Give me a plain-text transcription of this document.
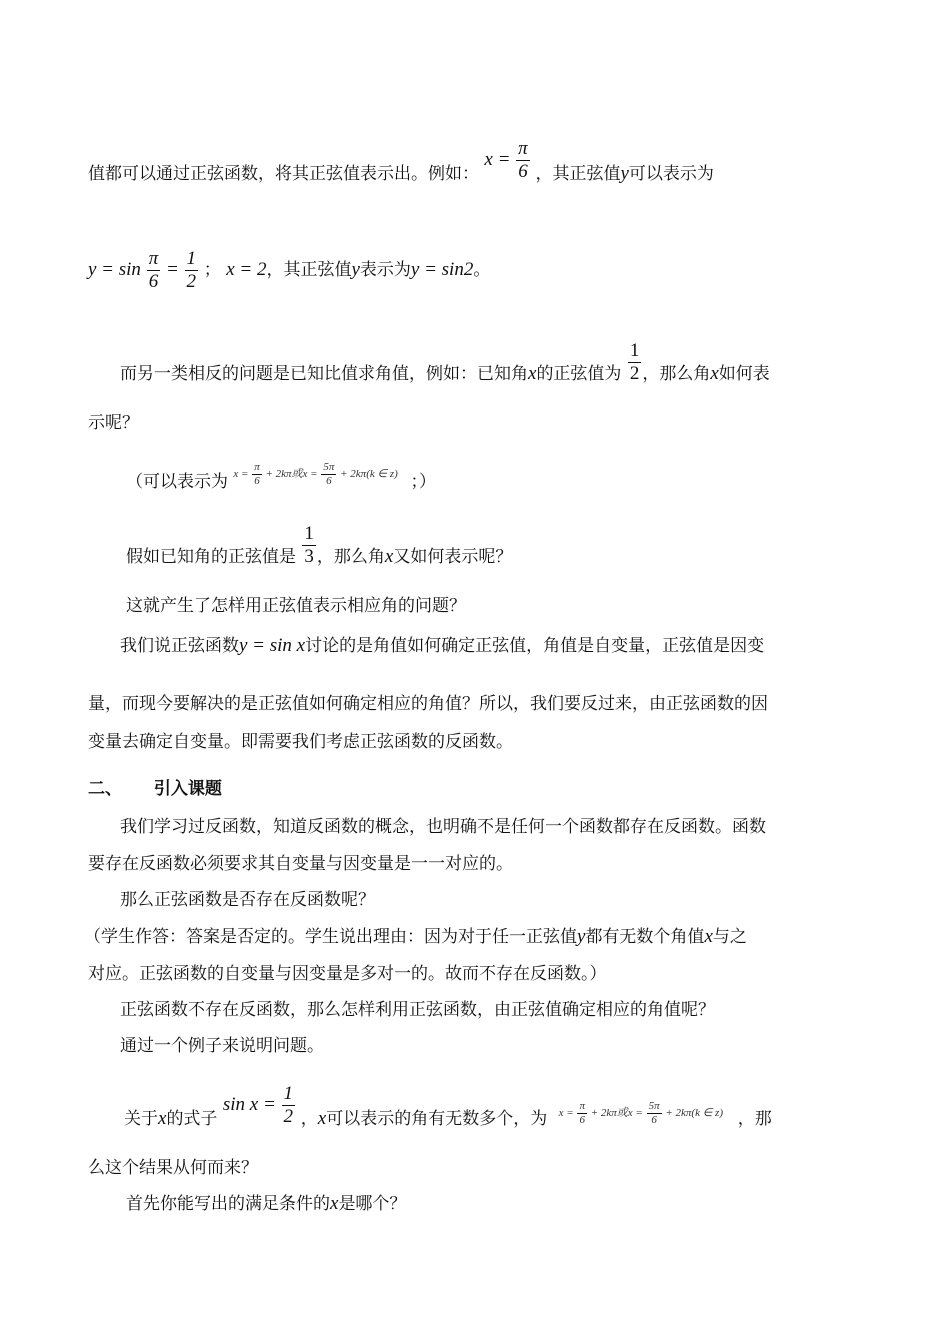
值都可以通过正弦函数，将其正弦值表示出。例如： $x = \frac{\pi}{6}$ ，其正弦值y可以表示为
$y = \sin \frac{\pi}{6} = \frac{1}{2}$ ； x = 2，其正弦值y表示为y = sin2。
而另一类相反的问题是已知比值求角值，例如：已知角x的正弦值为 $\frac{1}{2}$ ，那么角x如何表
示呢？
（可以表示为 $^{x = \frac{\pi}{6} + 2k\pi 或x = \frac{5\pi}{6} + 2k\pi(k \in z)}$ ；）
假如已知角的正弦值是 $\frac{1}{3}$ ，那么角x又如何表示呢？
这就产生了怎样用正弦值表示相应角的问题？
我们说正弦函数y = sin x讨论的是角值如何确定正弦值，角值是自变量，正弦值是因变
量，而现今要解决的是正弦值如何确定相应的角值？所以，我们要反过来，由正弦函数的因
变量去确定自变量。即需要我们考虑正弦函数的反函数。
二、 引入课题
我们学习过反函数，知道反函数的概念，也明确不是任何一个函数都存在反函数。函数
要存在反函数必须要求其自变量与因变量是一一对应的。
那么正弦函数是否存在反函数呢？
（学生作答：答案是否定的。学生说出理由：因为对于任一正弦值y都有无数个角值x与之
对应。正弦函数的自变量与因变量是多对一的。故而不存在反函数。）
正弦函数不存在反函数，那么怎样利用正弦函数，由正弦值确定相应的角值呢？
通过一个例子来说明问题。
关于x的式子 $\sin x = \frac{1}{2}$ ，x可以表示的角有无数多个，为 $^{x = \frac{\pi}{6} + 2k\pi 或x = \frac{5\pi}{6} + 2k\pi(k \in z)}$ ，那
么这个结果从何而来？
首先你能写出的满足条件的x是哪个？
